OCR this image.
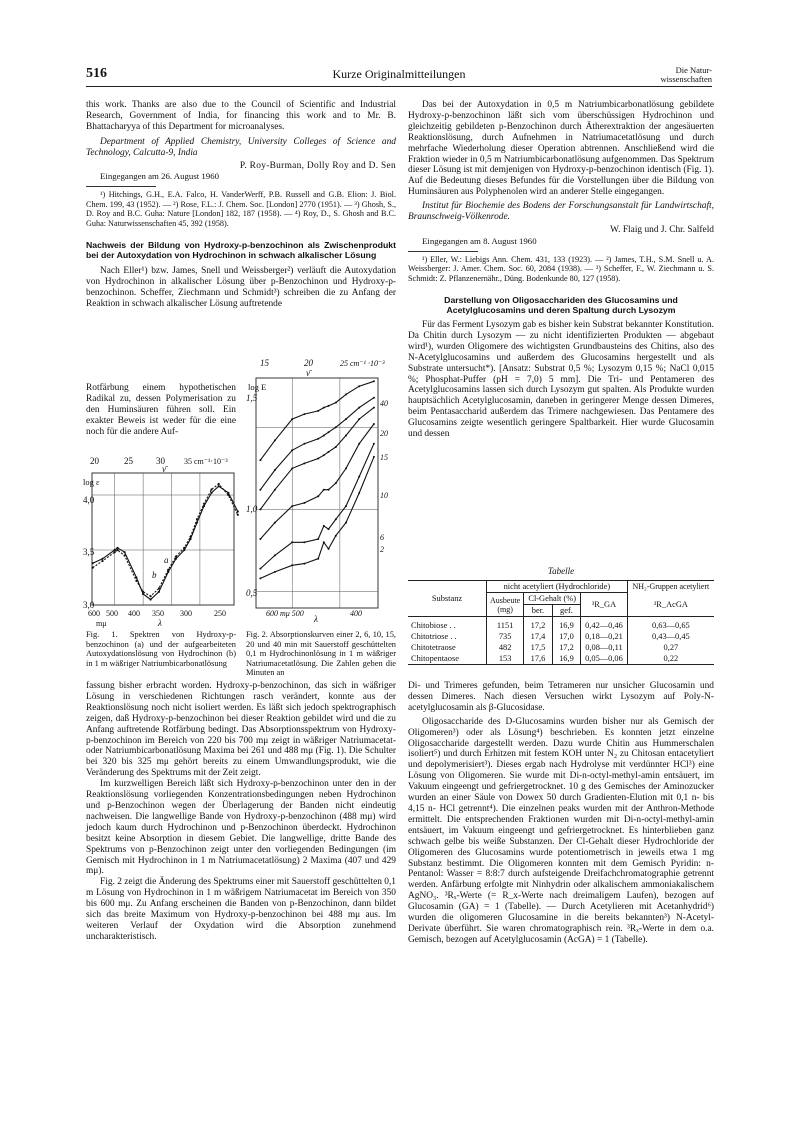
516	Kurze Originalmitteilungen	Die Natur-
wissenschaften

this work. Thanks are also due to the Council of Scientific and Industrial Research, Government of India, for financing this work and to Mr. B. Bhattacharyya of this Department for microanalyses.

Department of Applied Chemistry, University Colleges of Science and Technology, Calcutta-9, India

P. Roy-Burman, Dolly Roy and D. Sen

Eingegangen am 26. August 1960

¹) Hitchings, G.H., E.A. Falco, H. VanderWerff, P.B. Russell and G.B. Elion: J. Biol. Chem. 199, 43 (1952). — ²) Rose, F.L.: J. Chem. Soc. [London] 2770 (1951). — ³) Ghosh, S., D. Roy and B.C. Guha: Nature [London] 182, 187 (1958). — ⁴) Roy, D., S. Ghosh and B.C. Guha: Naturwissenschaften 45, 392 (1958).

Nachweis der Bildung von Hydroxy-p-benzochinon als Zwischenprodukt bei der Autoxydation von Hydrochinon in schwach alkalischer Lösung

Nach Eller¹) bzw. James, Snell und Weissberger²) verläuft die Autoxydation von Hydrochinon in alkalischer Lösung über p-Benzochinon und Hydroxy-p-benzochinon. Scheffer, Ziechmann und Schmidt³) schreiben die zu Anfang der Reaktion in schwach alkalischer Lösung auftretende

Rotfärbung einem hypothetischen Radikal zu, dessen Polymerisation zu den Huminsäuren führen soll. Ein exakter Beweis ist weder für die eine noch für die andere Auf-
20	25	30 35 cm⁻¹·10⁻³
ν̄
log ε
4,0
3,5
3,0
600 500 400 350 300	250
mμ	λ
a
b
15	20	25 cm⁻¹ ·10⁻³
ν̄
log E
1,5
1,0
0,5
600 mμ 500	400
λ
40
20
15
10
6
2
Fig. 1. Spektren von Hydroxy-p-benzochinon (a) und der aufgearbeiteten Autoxydationslösung von Hydrochinon (b) in 1 m wäßriger Natriumbicarbonatlösung
Fig. 2. Absorptionskurven einer 2, 6, 10, 15, 20 und 40 min mit Sauerstoff geschüttelten 0,1 m Hydrochinonlösung in 1 m wäßriger Natriumacetatlösung. Die Zahlen geben die Minuten an

fassung bisher erbracht worden. Hydroxy-p-benzochinon, das sich in wäßriger Lösung in verschiedenen Richtungen rasch verändert, konnte aus der Reaktionslösung noch nicht isoliert werden. Es läßt sich jedoch spektrographisch zeigen, daß Hydroxy-p-benzochinon bei dieser Reaktion gebildet wird und die zu Anfang auftretende Rotfärbung bedingt. Das Absorptionsspektrum von Hydroxy-p-benzochinon im Bereich von 220 bis 700 mμ zeigt in wäßriger Natriumacetat- oder Natriumbicarbonatlösung Maxima bei 261 und 488 mμ (Fig. 1). Die Schulter bei 320 bis 325 mμ gehört bereits zu einem Umwandlungsprodukt, wie die Veränderung des Spektrums mit der Zeit zeigt.

Im kurzwelligen Bereich läßt sich Hydroxy-p-benzochinon unter den in der Reaktionslösung vorliegenden Konzentrationsbedingungen neben Hydrochinon und p-Benzochinon wegen der Überlagerung der Banden nicht eindeutig nachweisen. Die langwellige Bande von Hydroxy-p-benzochinon (488 mμ) wird jedoch kaum durch Hydrochinon und p-Benzochinon überdeckt. Hydrochinon besitzt keine Absorption in diesem Gebiet. Die langwellige, dritte Bande des Spektrums von p-Benzochinon zeigt unter den vorliegenden Bedingungen (im Gemisch mit Hydrochinon in 1 m Natriumacetatlösung) 2 Maxima (407 und 429 mμ).

Fig. 2 zeigt die Änderung des Spektrums einer mit Sauerstoff geschüttelten 0,1 m Lösung von Hydrochinon in 1 m wäßrigem Natriumacetat im Bereich von 350 bis 600 mμ. Zu Anfang erscheinen die Banden von p-Benzochinon, dann bildet sich das breite Maximum von Hydroxy-p-benzochinon bei 488 mμ aus. Im weiteren Verlauf der Oxydation wird die Absorption zunehmend uncharakteristisch.

Das bei der Autoxydation in 0,5 m Natriumbicarbonatlösung gebildete Hydroxy-p-benzochinon läßt sich vom überschüssigen Hydrochinon und gleichzeitig gebildeten p-Benzochinon durch Ätherextraktion der angesäuerten Reaktionslösung, durch Aufnehmen in Natriumacetatlösung und durch mehrfache Wiederholung dieser Operation abtrennen. Anschließend wird die Fraktion wieder in 0,5 m Natriumbicarbonatlösung aufgenommen. Das Spektrum dieser Lösung ist mit demjenigen von Hydroxy-p-benzochinon identisch (Fig. 1). Auf die Bedeutung dieses Befundes für die Vorstellungen über die Bildung von Huminsäuren aus Polyphenolen wird an anderer Stelle eingegangen.

Institut für Biochemie des Bodens der Forschungsanstalt für Landwirtschaft, Braunschweig-Völkenrode.

W. Flaig und J. Chr. Salfeld

Eingegangen am 8. August 1960

¹) Eller, W.: Liebigs Ann. Chem. 431, 133 (1923). — ²) James, T.H., S.M. Snell u. A. Weissberger: J. Amer. Chem. Soc. 60, 2084 (1938). — ³) Scheffer, F., W. Ziechmann u. S. Schmidt: Z. Pflanzenernähr., Düng. Bodenkunde 80, 127 (1958).

Darstellung von Oligosacchariden des Glucosamins und Acetylglucosamins und deren Spaltung durch Lysozym

Für das Ferment Lysozym gab es bisher kein Substrat bekannter Konstitution. Da Chitin durch Lysozym — zu nicht identifizierten Produkten — abgebaut wird¹), wurden Oligomere des wichtigsten Grundbausteins des Chitins, also des N-Acetylglucosamins und außerdem des Glucosamins hergestellt und als Substrate untersucht*). [Ansatz: Substrat 0,5 %; Lysozym 0,15 %; NaCl 0,015 %; Phosphat-Puffer (pH = 7,0) 5 mm]. Die Tri- und Pentameren des Acetylglucosamins lassen sich durch Lysozym gut spalten. Als Produkte wurden hauptsächlich Acetylglucosamin, daneben in geringerer Menge dessen Dimeres, beim Pentasaccharid außerdem das Trimere nachgewiesen. Das Pentamere des Glucosamins zeigte wesentlich geringere Spaltbarkeit. Hier wurde Glucosamin und dessen

Tabelle
Substanz	nicht acetyliert (Hydrochloride)				NH₂-Gruppen acetyliert
	Ausbeute (mg)	Cl-Gehalt (%)		³R_GA	³R_AcGA
		ber.	gef.		
Chitobiose . .	1151	17,2	16,9	0,42—0,46	0,63—0,65
Chitotriose . .	735	17,4	17,0	0,18—0,21	0,43—0,45
Chitotetraose	482	17,5	17,2	0,08—0,11	0,27
Chitopentaose	153	17,6	16,9	0,05—0,06	0,22

Di- und Trimeres gefunden, beim Tetrameren nur unsicher Glucosamin und dessen Dimeres. Nach diesen Versuchen wirkt Lysozym auf Poly-N-acetylglucosamin als β-Glucosidase.

Oligosaccharide des D-Glucosamins wurden bisher nur als Gemisch der Oligomeren³) oder als Lösung⁴) beschrieben. Es konnten jetzt einzelne Oligosaccharide dargestellt werden. Dazu wurde Chitin aus Hummerschalen isoliert⁵) und durch Erhitzen mit festem KOH unter N₂ zu Chitosan entacetyliert und depolymerisiert³). Dieses ergab nach Hydrolyse mit verdünnter HCl³) eine Lösung von Oligomeren. Sie wurde mit Di-n-octyl-methyl-amin entsäuert, im Vakuum eingeengt und gefriergetrocknet. 10 g des Gemisches der Aminozucker wurden an einer Säule von Dowex 50 durch Gradienten-Elution mit 0,1 n- bis 4,15 n- HCl getrennt⁴). Die einzelnen peaks wurden mit der Anthron-Methode ermittelt. Die entsprechenden Fraktionen wurden mit Di-n-octyl-methyl-amin entsäuert, im Vakuum eingeengt und gefriergetrocknet. Es hinterblieben ganz schwach gelbe bis weiße Substanzen. Der Cl-Gehalt dieser Hydrochloride der Oligomeren des Glucosamins wurde potentiometrisch in jeweils etwa 1 mg Substanz bestimmt. Die Oligomeren konnten mit dem Gemisch Pyridin: n-Pentanol: Wasser = 8:8:7 durch aufsteigende Dreifachchromatographie getrennt werden. Anfärbung erfolgte mit Ninhydrin oder alkalischem ammoniakalischem AgNO₃. ³Rₓ-Werte (= R_x-Werte nach dreimaligem Laufen), bezogen auf Glucosamin (GA) = 1 (Tabelle). — Durch Acetylieren mit Acetanhydrid⁶) wurden die oligomeren Glucosamine in die bereits bekannten³) N-Acetyl-Derivate überführt. Sie waren chromatographisch rein. ³Rₓ-Werte in dem o.a. Gemisch, bezogen auf Acetylglucosamin (AcGA) = 1 (Tabelle).
